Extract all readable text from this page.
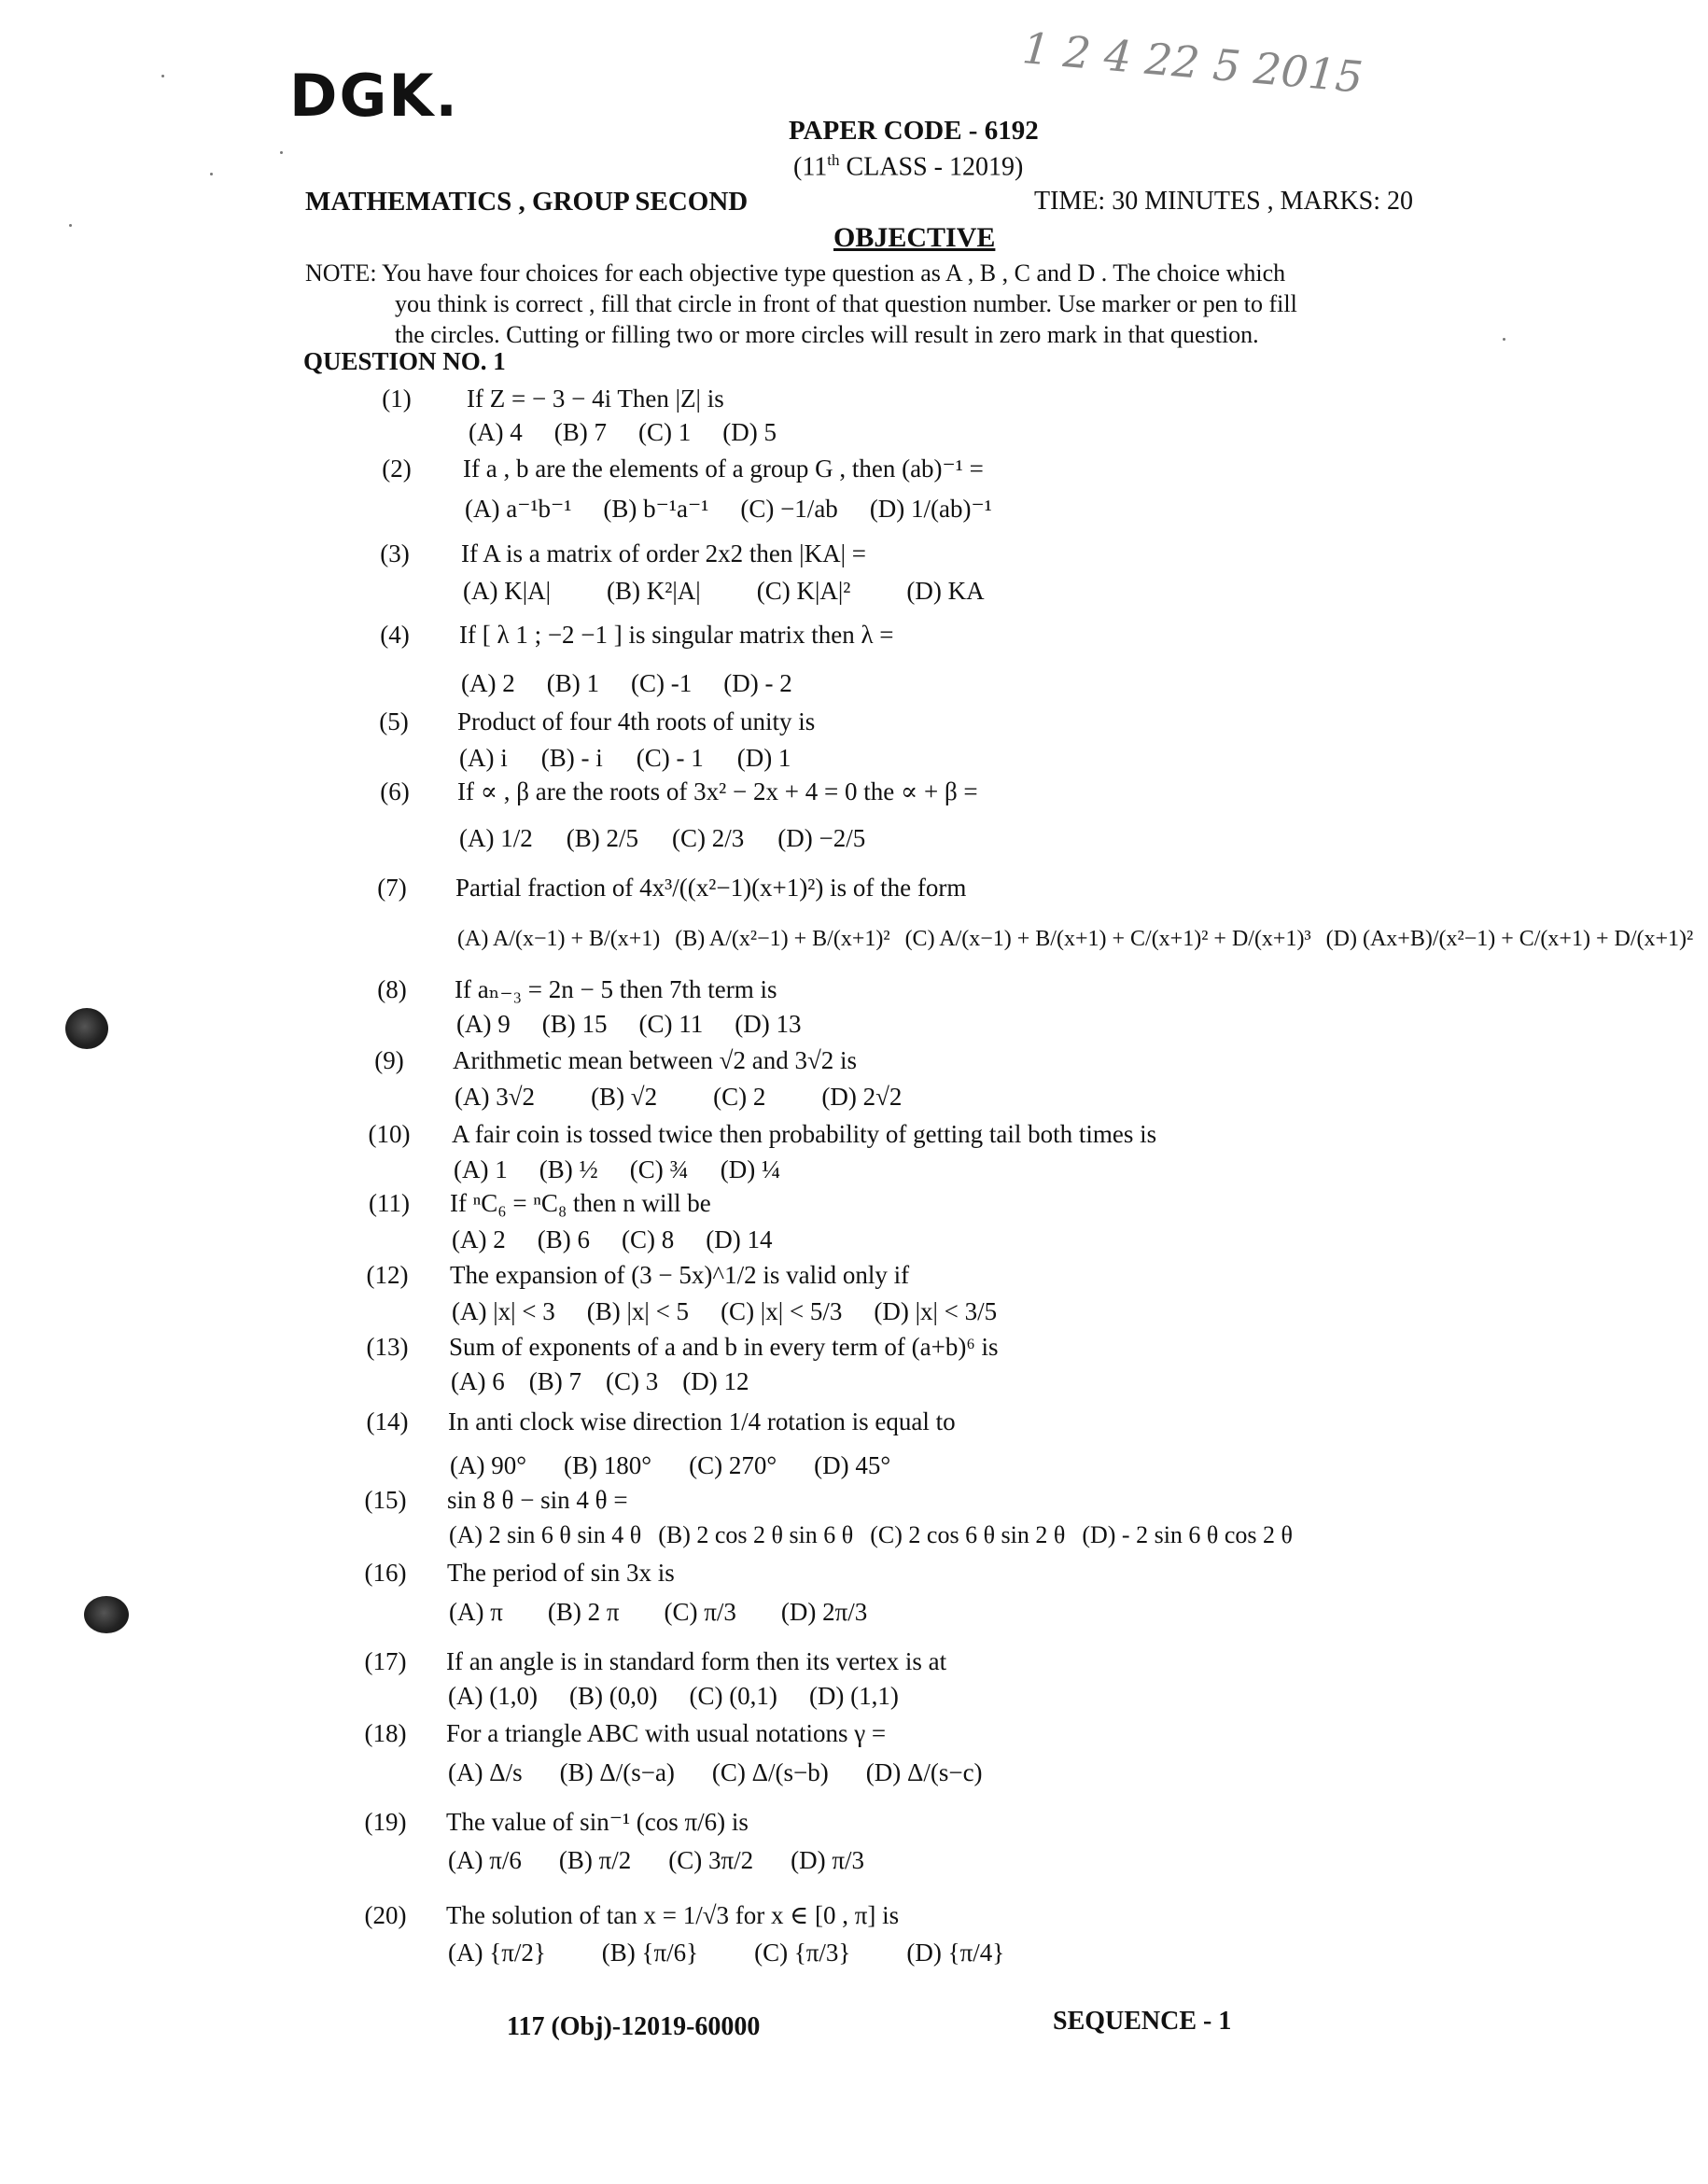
DGK.	1 2 4 22 5 2015
PAPER CODE - 6192
(11th CLASS - 12019)
MATHEMATICS , GROUP SECOND	TIME: 30 MINUTES , MARKS: 20
OBJECTIVE
NOTE: You have four choices for each objective type question as A , B , C and D . The choice which
you think is correct , fill that circle in front of that question number. Use marker or pen to fill
the circles. Cutting or filling two or more circles will result in zero mark in that question.
QUESTION NO. 1
(1)	If Z = − 3 − 4i Then |Z| is
(A) 4 (B) 7 (C) 1 (D) 5
(2)	If a , b are the elements of a group G , then (ab)⁻¹ =
(A) a⁻¹b⁻¹ (B) b⁻¹a⁻¹ (C) −1/ab (D) 1/(ab)⁻¹
(3)	If A is a matrix of order 2x2 then |KA| =
(A) K|A| (B) K²|A| (C) K|A|² (D) KA
(4)	If [ λ 1 ; −2 −1 ] is singular matrix then λ =
(A) 2 (B) 1 (C) -1 (D) - 2
(5)	Product of four 4th roots of unity is
(A) i (B) - i (C) - 1 (D) 1
(6)	If ∝ , β are the roots of 3x² − 2x + 4 = 0 the ∝ + β =
(A) 1/2 (B) 2/5 (C) 2/3 (D) −2/5
(7)	Partial fraction of 4x³/((x²−1)(x+1)²) is of the form
(A) A/(x−1) + B/(x+1) (B) A/(x²−1) + B/(x+1)² (C) A/(x−1) + B/(x+1) + C/(x+1)² + D/(x+1)³ (D) (Ax+B)/(x²−1) + C/(x+1) + D/(x+1)²
(8)	If aₙ₋₃ = 2n − 5 then 7th term is
(A) 9 (B) 15 (C) 11 (D) 13
(9)	Arithmetic mean between √2 and 3√2 is
(A) 3√2 (B) √2 (C) 2 (D) 2√2
(10)	A fair coin is tossed twice then probability of getting tail both times is
(A) 1 (B) ½ (C) ¾ (D) ¼
(11)	If ⁿC₆ = ⁿC₈ then n will be
(A) 2 (B) 6 (C) 8 (D) 14
(12)	The expansion of (3 − 5x)^1/2 is valid only if
(A) |x| < 3 (B) |x| < 5 (C) |x| < 5/3 (D) |x| < 3/5
(13)	Sum of exponents of a and b in every term of (a+b)⁶ is
(A) 6 (B) 7 (C) 3 (D) 12
(14)	In anti clock wise direction 1/4 rotation is equal to
(A) 90° (B) 180° (C) 270° (D) 45°
(15)	sin 8 θ − sin 4 θ =
(A) 2 sin 6 θ sin 4 θ (B) 2 cos 2 θ sin 6 θ (C) 2 cos 6 θ sin 2 θ (D) - 2 sin 6 θ cos 2 θ
(16)	The period of sin 3x is
(A) π (B) 2 π (C) π/3 (D) 2π/3
(17)	If an angle is in standard form then its vertex is at
(A) (1,0) (B) (0,0) (C) (0,1) (D) (1,1)
(18)	For a triangle ABC with usual notations γ =
(A) Δ/s (B) Δ/(s−a) (C) Δ/(s−b) (D) Δ/(s−c)
(19)	The value of sin⁻¹ (cos π/6) is
(A) π/6 (B) π/2 (C) 3π/2 (D) π/3
(20)	The solution of tan x = 1/√3 for x ∈ [0 , π] is
(A) {π/2} (B) {π/6} (C) {π/3} (D) {π/4}
117 (Obj)-12019-60000	SEQUENCE - 1
